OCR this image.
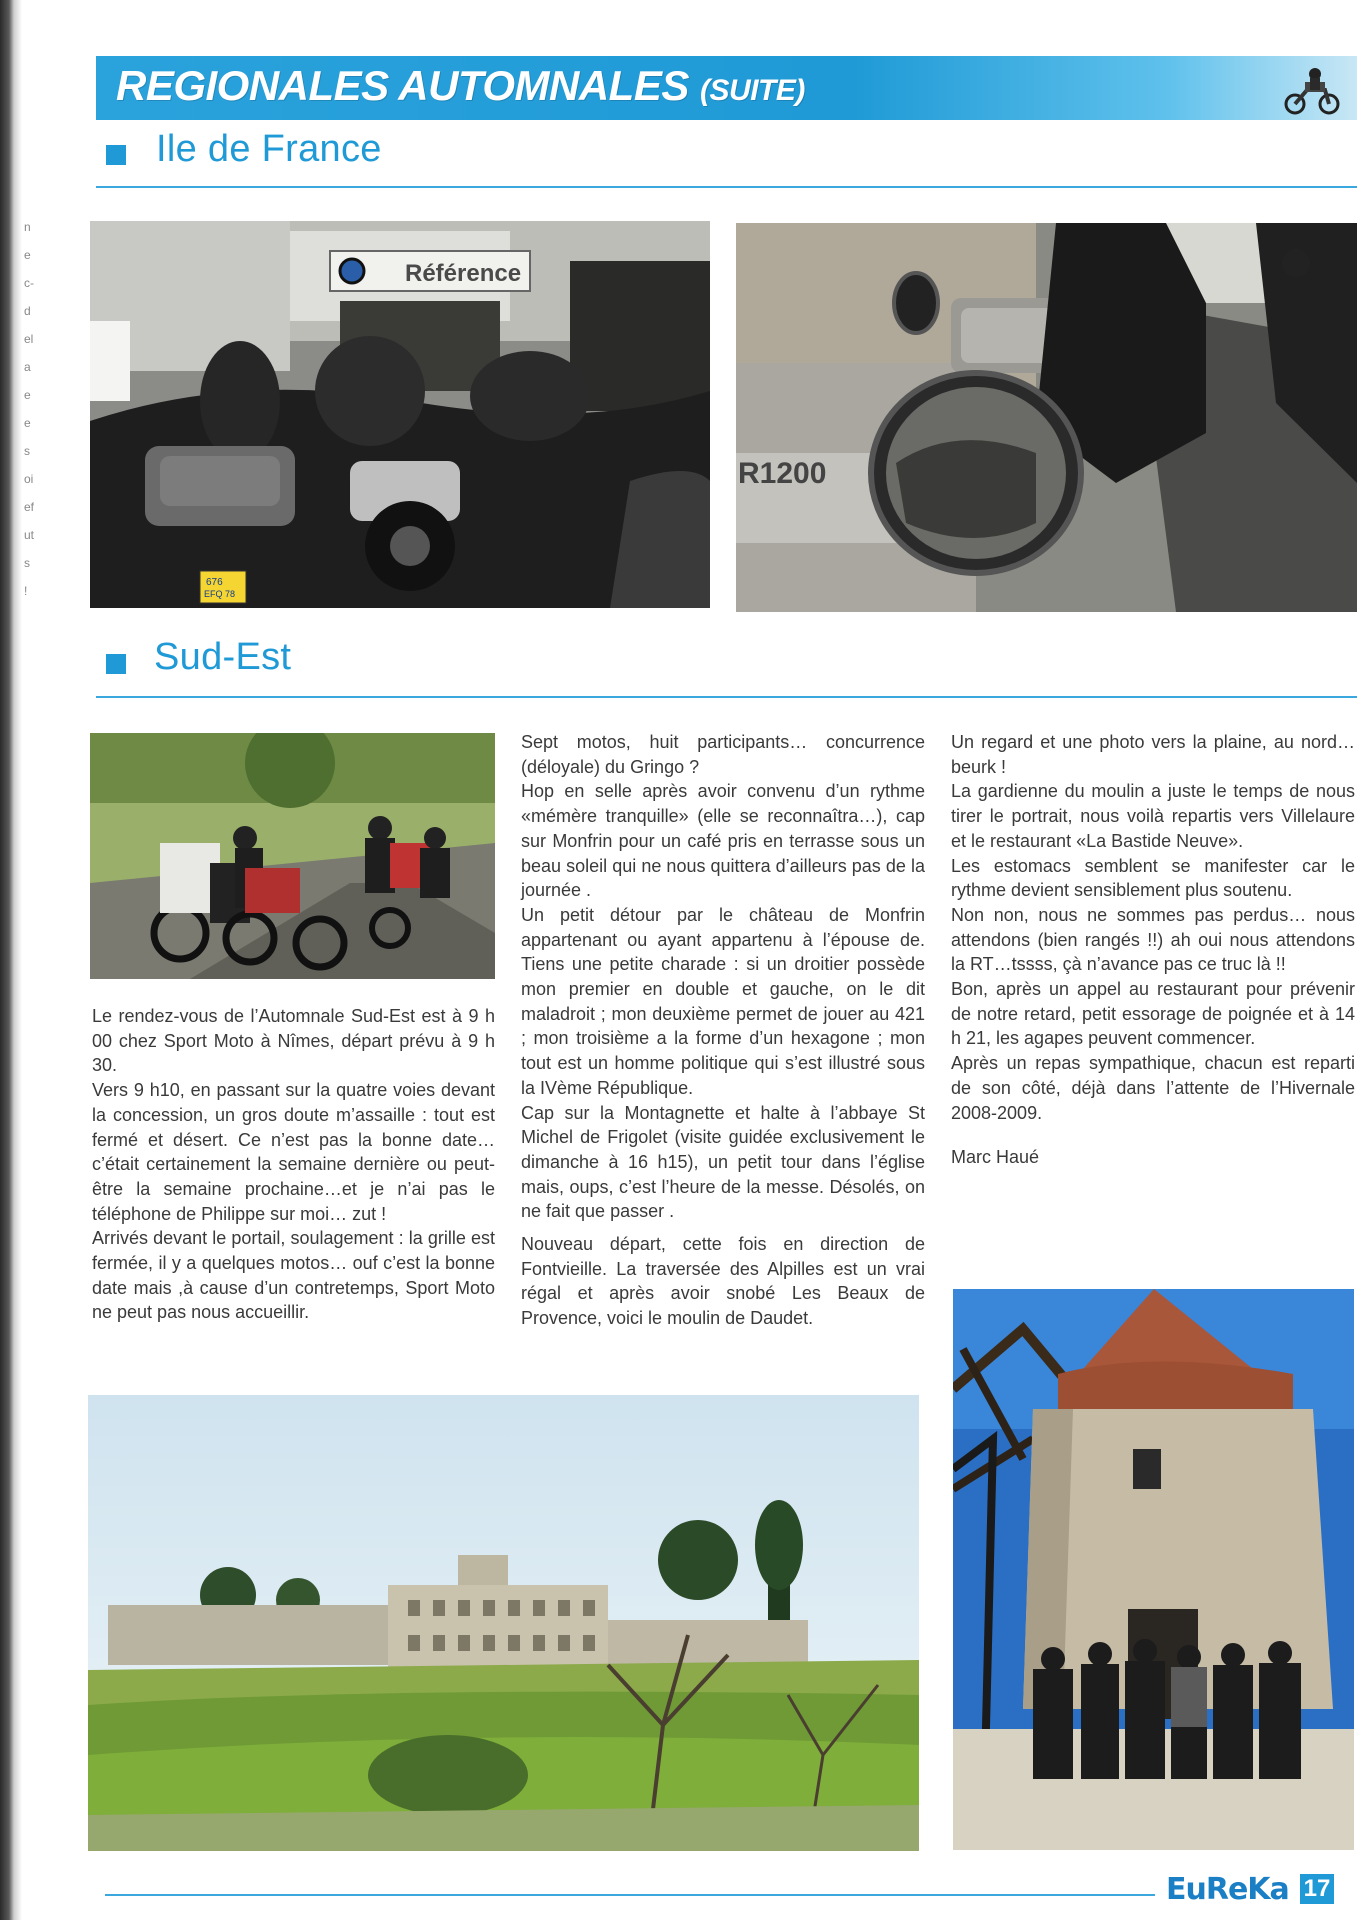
n
e
c-
d
el
a
e
e
s
oi
ef
ut
s
!
REGIONALES AUTOMNALES (SUITE)
Ile de France
Référence
676
EFQ 78
R1200
Sud-Est

Le rendez-vous de l’Automnale Sud-Est est à 9 h 00 chez Sport Moto à Nîmes, départ prévu à 9 h 30.

Vers 9 h10, en passant sur la quatre voies devant la concession, un gros doute m’assaille : tout est fermé et désert. Ce n’est pas la bonne date… c’était certainement la semaine dernière ou peut-être la semaine prochaine…et je n’ai pas le téléphone de Philippe sur moi… zut !

Arrivés devant le portail, soulagement : la grille est fermée, il y a quelques motos… ouf c’est la bonne date mais ,à cause d’un contretemps, Sport Moto ne peut pas nous accueillir.

Sept motos, huit participants… concurrence (déloyale) du Gringo ?

Hop en selle après avoir convenu d’un rythme «mémère tranquille» (elle se reconnaîtra…), cap sur Monfrin pour un café pris en terrasse sous un beau soleil qui ne nous quittera d’ailleurs pas de la journée .

Un petit détour par le château de Monfrin appartenant ou ayant appartenu à l’épouse de. Tiens une petite charade : si un droitier possède mon premier en double et gauche, on le dit maladroit ; mon deuxième permet de jouer au 421 ; mon troisième a la forme d’un hexagone ; mon tout est un homme politique qui s’est illustré sous la IVème République.

Cap sur la Montagnette et halte à l’abbaye St Michel de Frigolet (visite guidée exclusivement le dimanche à 16 h15), un petit tour dans l’église mais, oups, c’est l’heure de la messe. Désolés, on ne fait que passer .

Nouveau départ, cette fois en direction de Fontvieille. La traversée des Alpilles est un vrai régal et après avoir snobé Les Beaux de Provence, voici le moulin de Daudet.

Un regard et une photo vers la plaine, au nord…beurk !

La gardienne du moulin a juste le temps de nous tirer le portrait, nous voilà repartis vers Villelaure et le restaurant «La Bastide Neuve».

Les estomacs semblent se manifester car le rythme devient sensiblement plus soutenu.

Non non, nous ne sommes pas perdus… nous attendons (bien rangés !!) ah oui nous attendons la RT…tssss, çà n’avance pas ce truc là !!

Bon, après un appel au restaurant pour prévenir de notre retard, petit essorage de poignée et à 14 h 21, les agapes peuvent commencer.

Après un repas sympathique, chacun est reparti de son côté, déjà dans l’attente de l’Hivernale 2008-2009.

Marc Haué

EuReKa 17
